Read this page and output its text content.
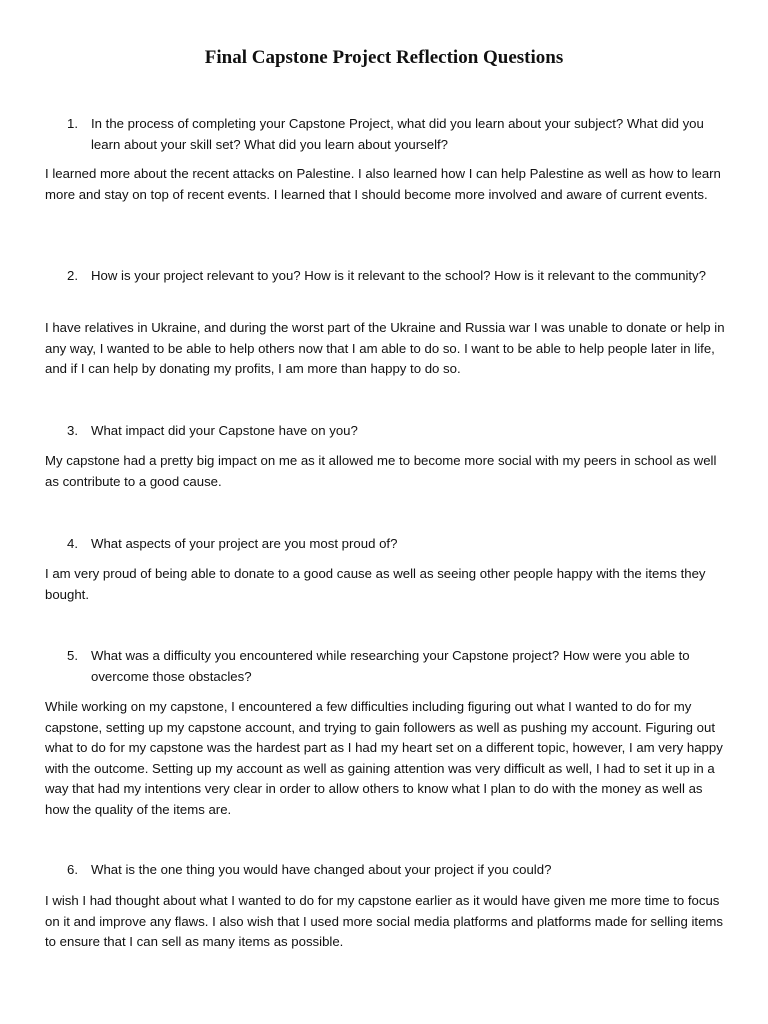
Final Capstone Project Reflection Questions

1. In the process of completing your Capstone Project, what did you learn about your subject? What did you learn about your skill set? What did you learn about yourself?

I learned more about the recent attacks on Palestine. I also learned how I can help Palestine as well as how to learn more and stay on top of recent events. I learned that I should become more involved and aware of current events.

2. How is your project relevant to you? How is it relevant to the school? How is it relevant to the community?

I have relatives in Ukraine, and during the worst part of the Ukraine and Russia war I was unable to donate or help in any way, I wanted to be able to help others now that I am able to do so. I want to be able to help people later in life, and if I can help by donating my profits, I am more than happy to do so.

3. What impact did your Capstone have on you?

My capstone had a pretty big impact on me as it allowed me to become more social with my peers in school as well as contribute to a good cause.

4. What aspects of your project are you most proud of?

I am very proud of being able to donate to a good cause as well as seeing other people happy with the items they bought.

5. What was a difficulty you encountered while researching your Capstone project? How were you able to overcome those obstacles?

While working on my capstone, I encountered a few difficulties including figuring out what I wanted to do for my capstone, setting up my capstone account, and trying to gain followers as well as pushing my account. Figuring out what to do for my capstone was the hardest part as I had my heart set on a different topic, however, I am very happy with the outcome. Setting up my account as well as gaining attention was very difficult as well, I had to set it up in a way that had my intentions very clear in order to allow others to know what I plan to do with the money as well as how the quality of the items are.

6. What is the one thing you would have changed about your project if you could?

I wish I had thought about what I wanted to do for my capstone earlier as it would have given me more time to focus on it and improve any flaws. I also wish that I used more social media platforms and platforms made for selling items to ensure that I can sell as many items as possible.
